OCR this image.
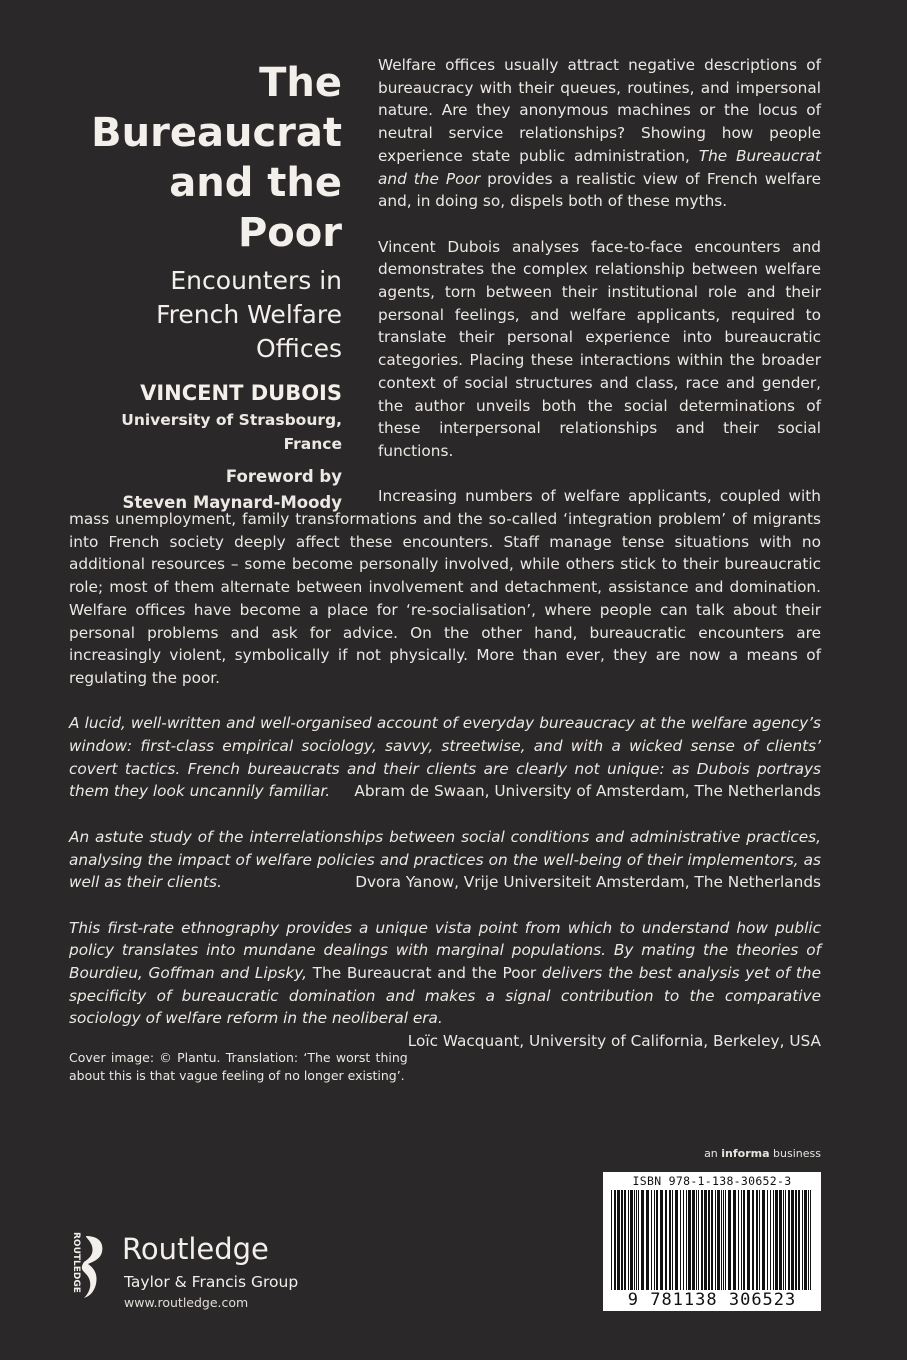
The
Bureaucrat
and the Poor
Encounters in
French Welfare
Offices
VINCENT DUBOIS
University of Strasbourg, France
Foreword by
Steven Maynard-Moody

Welfare offices usually attract negative descriptions of bureaucracy with their queues, routines, and impersonal nature. Are they anonymous machines or the locus of neutral service relationships? Showing how people experience state public administration, The Bureaucrat and the Poor provides a realistic view of French welfare and, in doing so, dispels both of these myths.

Vincent Dubois analyses face-to-face encounters and demonstrates the complex relationship between welfare agents, torn between their institutional role and their personal feelings, and welfare applicants, required to translate their personal experience into bureaucratic categories. Placing these interactions within the broader context of social structures and class, race and gender, the author unveils both the social determinations of these interpersonal relationships and their social functions.

Increasing numbers of welfare applicants, coupled with mass unemployment, family transformations and the so-called ‘integration problem’ of migrants into French society deeply affect these encounters. Staff manage tense situations with no additional resources – some become personally involved, while others stick to their bureaucratic role; most of them alternate between involvement and detachment, assistance and domination. Welfare offices have become a place for ‘re-socialisation’, where people can talk about their personal problems and ask for advice. On the other hand, bureaucratic encounters are increasingly violent, symbolically if not physically. More than ever, they are now a means of regulating the poor.

A lucid, well-written and well-organised account of everyday bureaucracy at the welfare agency’s window: first-class empirical sociology, savvy, streetwise, and with a wicked sense of clients’ covert tactics. French bureaucrats and their clients are clearly not unique: as Dubois portrays them they look uncannily familiar. Abram de Swaan, University of Amsterdam, The Netherlands

An astute study of the interrelationships between social conditions and administrative practices, analysing the impact of welfare policies and practices on the well-being of their implementors, as well as their clients.	Dvora Yanow, Vrije Universiteit Amsterdam, The Netherlands

This first-rate ethnography provides a unique vista point from which to understand how public policy translates into mundane dealings with marginal populations. By mating the theories of Bourdieu, Goffman and Lipsky, The Bureaucrat and the Poor delivers the best analysis yet of the specificity of bureaucratic domination and makes a signal contribution to the comparative sociology of welfare reform in the neoliberal era.
Loïc Wacquant, University of California, Berkeley, USA

Cover image: © Plantu. Translation: ‘The worst thing about this is that vague feeling of no longer existing’.
an informa business
ISBN 978-1-138-30652-3
9 781138 306523
ROUTLEDGE Routledge
Taylor & Francis Group
www.routledge.com
